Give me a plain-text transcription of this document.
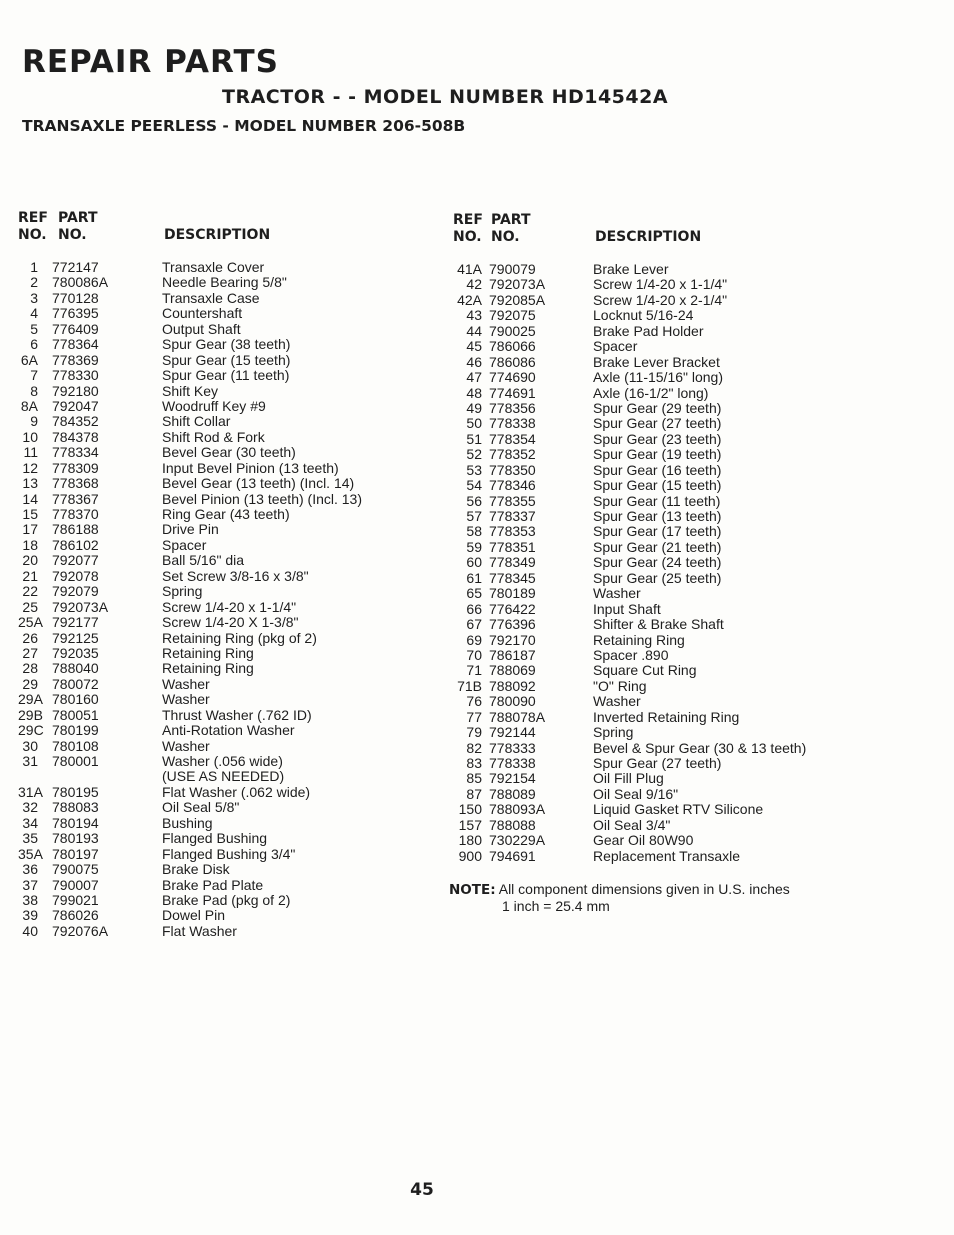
REPAIR PARTS
TRACTOR - - MODEL NUMBER HD14542A
TRANSAXLE PEERLESS - MODEL NUMBER 206-508B
REF PART
NO. NO.	DESCRIPTION
1 772147	Transaxle Cover
2 780086A	Needle Bearing 5/8"
3 770128	Transaxle Case
4 776395	Countershaft
5 776409	Output Shaft
6 778364	Spur Gear (38 teeth)
6A 778369	Spur Gear (15 teeth)
7 778330	Spur Gear (11 teeth)
8 792180	Shift Key
8A 792047	Woodruff Key #9
9 784352	Shift Collar
10 784378	Shift Rod & Fork
11 778334	Bevel Gear (30 teeth)
12 778309	Input Bevel Pinion (13 teeth)
13 778368	Bevel Gear (13 teeth) (Incl. 14)
14 778367	Bevel Pinion (13 teeth) (Incl. 13)
15 778370	Ring Gear (43 teeth)
17 786188	Drive Pin
18 786102	Spacer
20 792077	Ball 5/16" dia
21 792078	Set Screw 3/8-16 x 3/8"
22 792079	Spring
25 792073A	Screw 1/4-20 x 1-1/4"
25A 792177	Screw 1/4-20 X 1-3/8"
26 792125	Retaining Ring (pkg of 2)
27 792035	Retaining Ring
28 788040	Retaining Ring
29 780072	Washer
29A 780160	Washer
29B 780051	Thrust Washer (.762 ID)
29C 780199	Anti-Rotation Washer
30 780108	Washer
31 780001	Washer (.056 wide)
(USE AS NEEDED)
31A 780195	Flat Washer (.062 wide)
32 788083	Oil Seal 5/8"
34 780194	Bushing
35 780193	Flanged Bushing
35A 780197	Flanged Bushing 3/4"
36 790075	Brake Disk
37 790007	Brake Pad Plate
38 799021	Brake Pad (pkg of 2)
39 786026	Dowel Pin
40 792076A	Flat Washer
REF PART
NO. NO.	DESCRIPTION
41A 790079	Brake Lever
42 792073A	Screw 1/4-20 x 1-1/4"
42A 792085A	Screw 1/4-20 x 2-1/4"
43 792075	Locknut 5/16-24
44 790025	Brake Pad Holder
45 786066	Spacer
46 786086	Brake Lever Bracket
47 774690	Axle (11-15/16" long)
48 774691	Axle (16-1/2" long)
49 778356	Spur Gear (29 teeth)
50 778338	Spur Gear (27 teeth)
51 778354	Spur Gear (23 teeth)
52 778352	Spur Gear (19 teeth)
53 778350	Spur Gear (16 teeth)
54 778346	Spur Gear (15 teeth)
56 778355	Spur Gear (11 teeth)
57 778337	Spur Gear (13 teeth)
58 778353	Spur Gear (17 teeth)
59 778351	Spur Gear (21 teeth)
60 778349	Spur Gear (24 teeth)
61 778345	Spur Gear (25 teeth)
65 780189	Washer
66 776422	Input Shaft
67 776396	Shifter & Brake Shaft
69 792170	Retaining Ring
70 786187	Spacer .890
71 788069	Square Cut Ring
71B 788092	"O" Ring
76 780090	Washer
77 788078A	Inverted Retaining Ring
79 792144	Spring
82 778333	Bevel & Spur Gear (30 & 13 teeth)
83 778338	Spur Gear (27 teeth)
85 792154	Oil Fill Plug
87 788089	Oil Seal 9/16"
150 788093A	Liquid Gasket RTV Silicone
157 788088	Oil Seal 3/4"
180 730229A	Gear Oil 80W90
900 794691	Replacement Transaxle
NOTE: All component dimensions given in U.S. inches
1 inch = 25.4 mm
45
